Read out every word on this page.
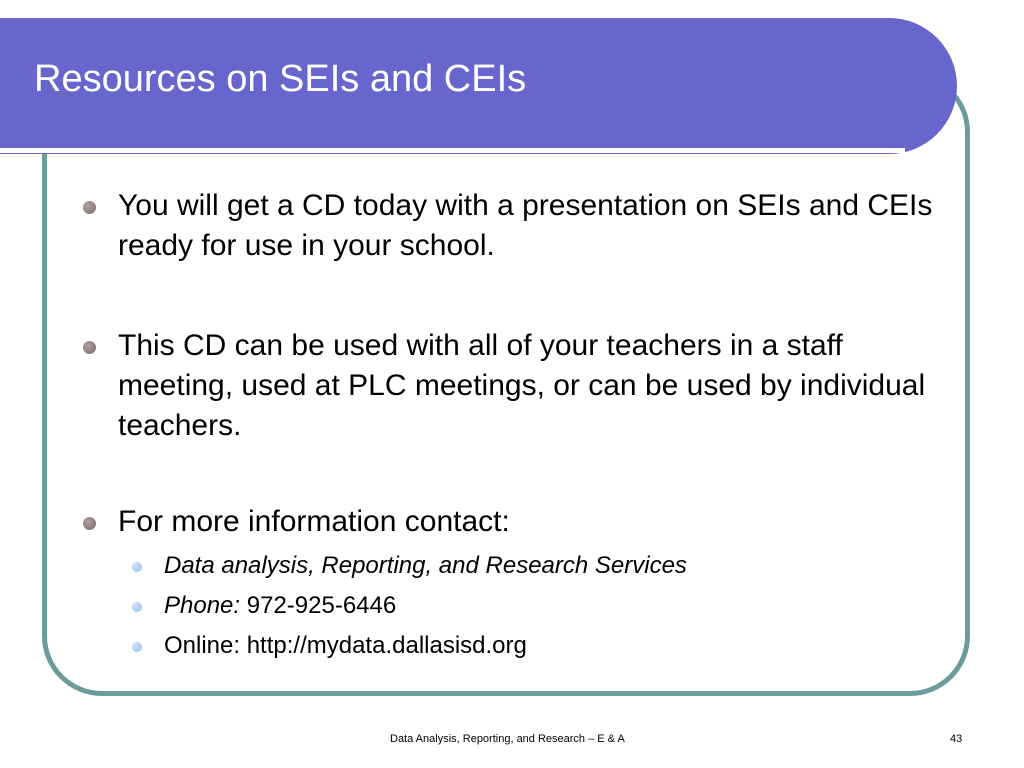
Resources on SEIs and CEIs
You will get a CD today with a presentation on SEIs and CEIs ready for use in your school.
This CD can be used with all of your teachers in a staff meeting, used at PLC meetings, or can be used by individual teachers.
For more information contact:
Data analysis, Reporting, and Research Services
Phone: 972-925-6446
Online: http://mydata.dallasisd.org
Data Analysis, Reporting, and Research – E & A	43
